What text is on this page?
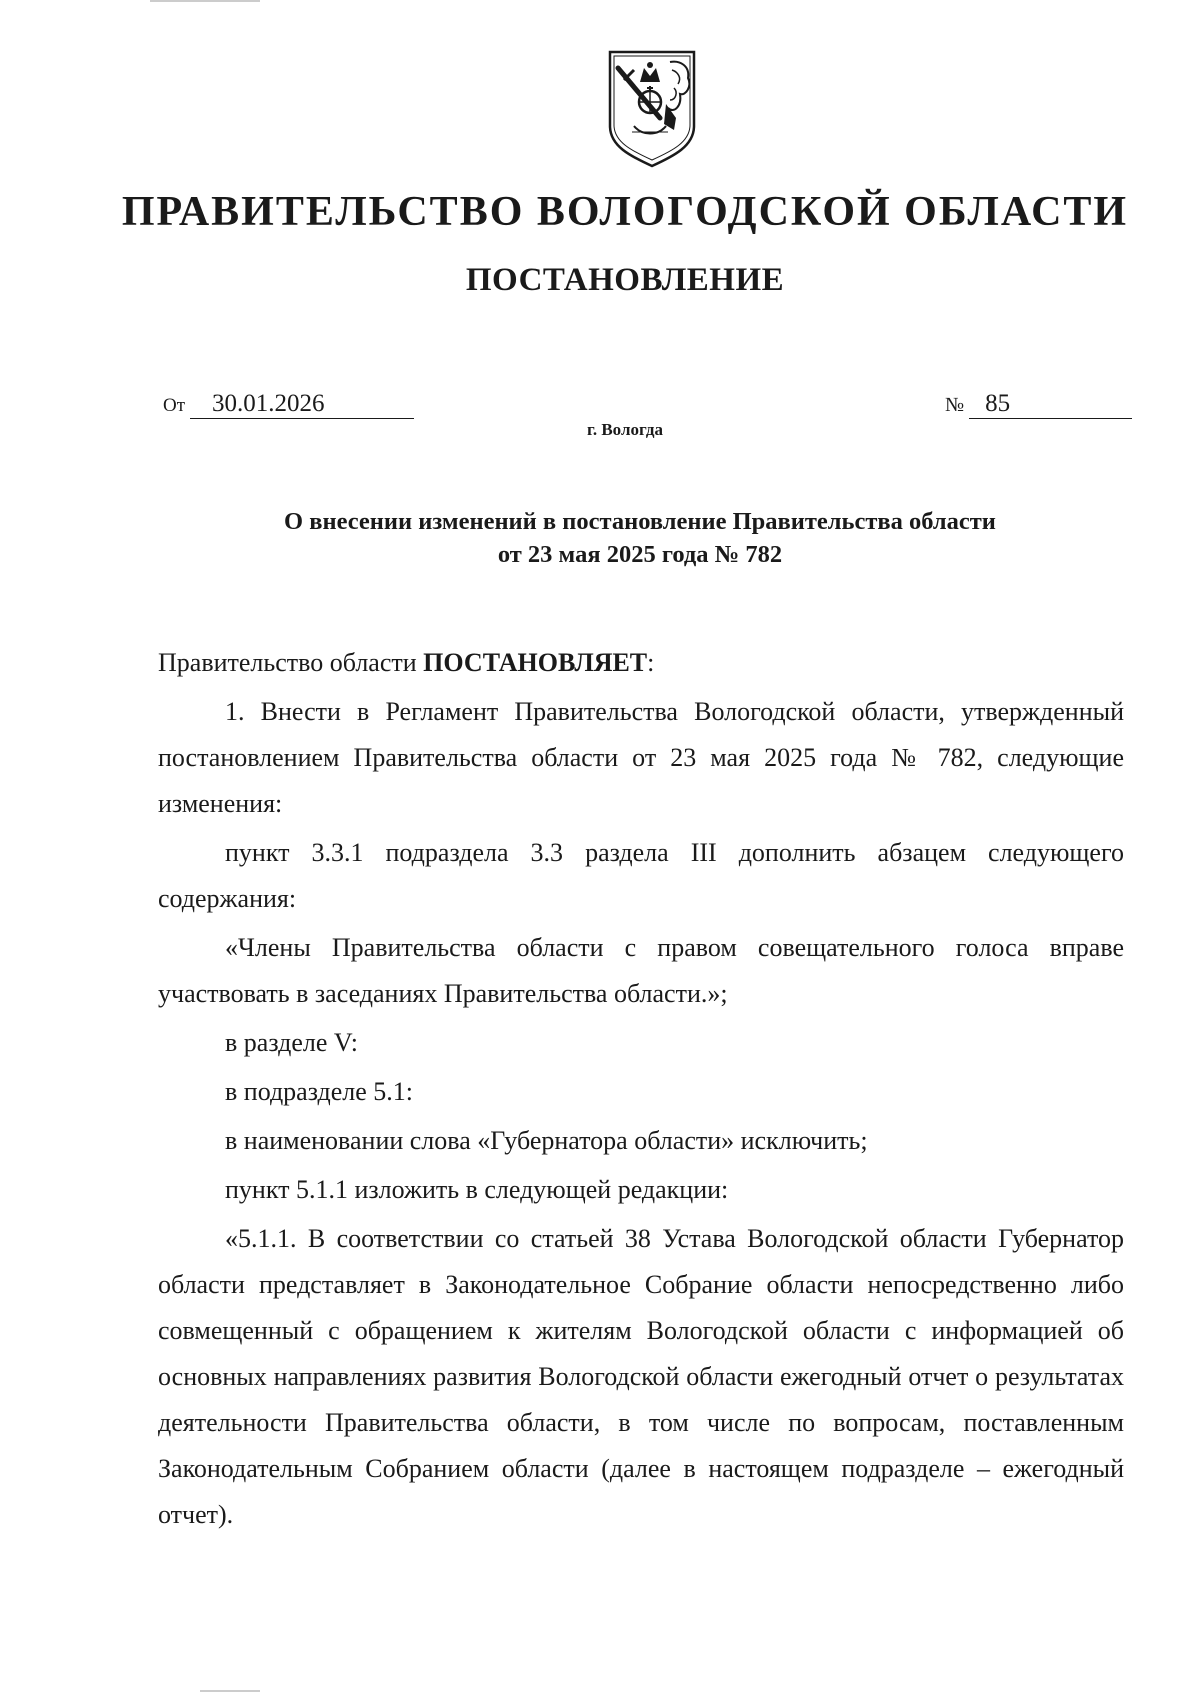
ПРАВИТЕЛЬСТВО ВОЛОГОДСКОЙ ОБЛАСТИ
ПОСТАНОВЛЕНИЕ
От 30.01.2026	№ 85
г. Вологда
О внесении изменений в постановление Правительства области
от 23 мая 2025 года № 782

Правительство области ПОСТАНОВЛЯЕТ:

1. Внести в Регламент Правительства Вологодской области, утвержденный постановлением Правительства области от 23 мая 2025 года № 782, следующие изменения:

пункт 3.3.1 подраздела 3.3 раздела III дополнить абзацем следующего содержания:

«Члены Правительства области с правом совещательного голоса вправе участвовать в заседаниях Правительства области.»;

в разделе V:

в подразделе 5.1:

в наименовании слова «Губернатора области» исключить;

пункт 5.1.1 изложить в следующей редакции:

«5.1.1. В соответствии со статьей 38 Устава Вологодской области Губернатор области представляет в Законодательное Собрание области непосредственно либо совмещенный с обращением к жителям Вологодской области с информацией об основных направлениях развития Вологодской области ежегодный отчет о результатах деятельности Правительства области, в том числе по вопросам, поставленным Законодательным Собранием области (далее в настоящем подразделе – ежегодный отчет).
